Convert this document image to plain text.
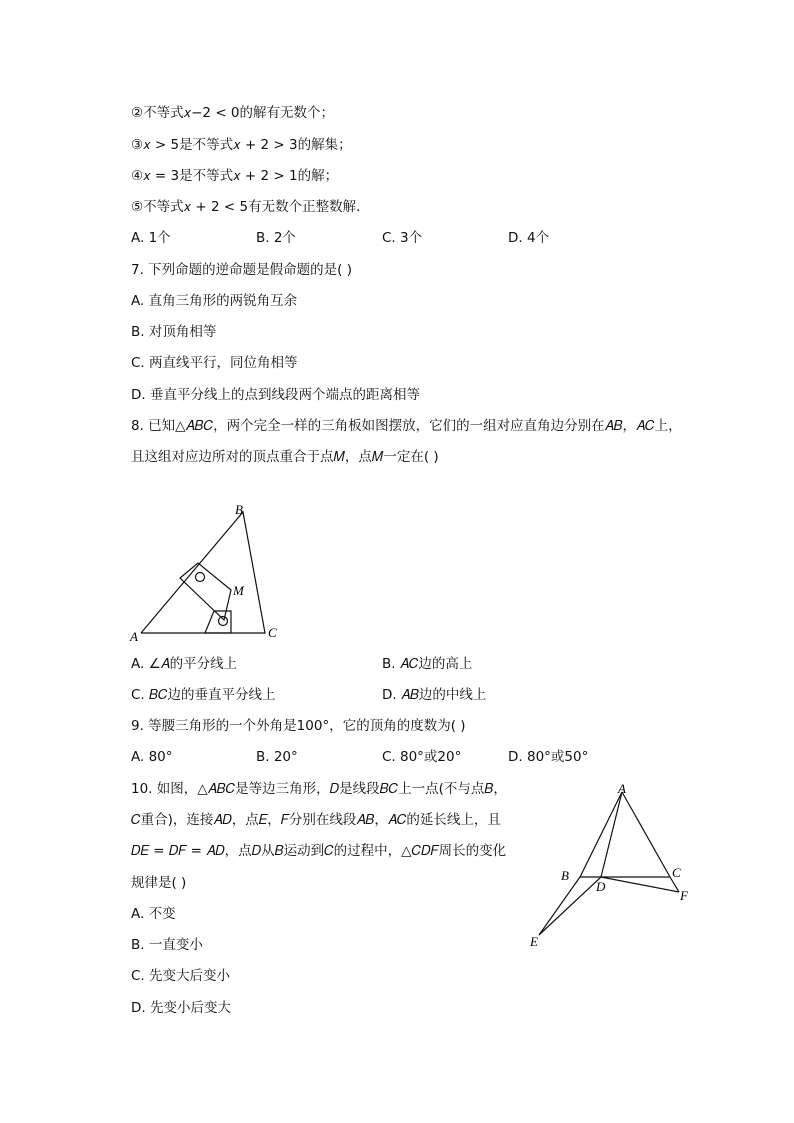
②不等式𝑥−2 < 0的解有无数个；
③𝑥 > 5是不等式𝑥 + 2 > 3的解集；
④𝑥 = 3是不等式𝑥 + 2 > 1的解；
⑤不等式𝑥 + 2 < 5有无数个正整数解．
A. 1个	B. 2个	C. 3个	D. 4个
7. 下列命题的逆命题是假命题的是( )
A. 直角三角形的两锐角互余
B. 对顶角相等
C. 两直线平行，同位角相等
D. 垂直平分线上的点到线段两个端点的距离相等
8. 已知△𝐴𝐵𝐶，两个完全一样的三角板如图摆放，它们的一组对应直角边分别在𝐴𝐵，𝐴𝐶上，
且这组对应边所对的顶点重合于点𝑀，点𝑀一定在( )
A
B
C
M
A. ∠𝐴的平分线上	B. 𝐴𝐶边的高上
C. 𝐵𝐶边的垂直平分线上	D. 𝐴𝐵边的中线上
9. 等腰三角形的一个外角是100°，它的顶角的度数为( )
A. 80°	B. 20°	C. 80°或20°	D. 80°或50°
10. 如图，△𝐴𝐵𝐶是等边三角形，𝐷是线段𝐵𝐶上一点(不与点𝐵，
𝐶重合)，连接𝐴𝐷，点𝐸，𝐹分别在线段𝐴𝐵，𝐴𝐶的延长线上，且
𝐷𝐸 = 𝐷𝐹 = 𝐴𝐷，点𝐷从𝐵运动到𝐶的过程中，△𝐶𝐷𝐹周长的变化
规律是( )
A. 不变
B. 一直变小
C. 先变大后变小
D. 先变小后变大
A
B	C
D
E
F
